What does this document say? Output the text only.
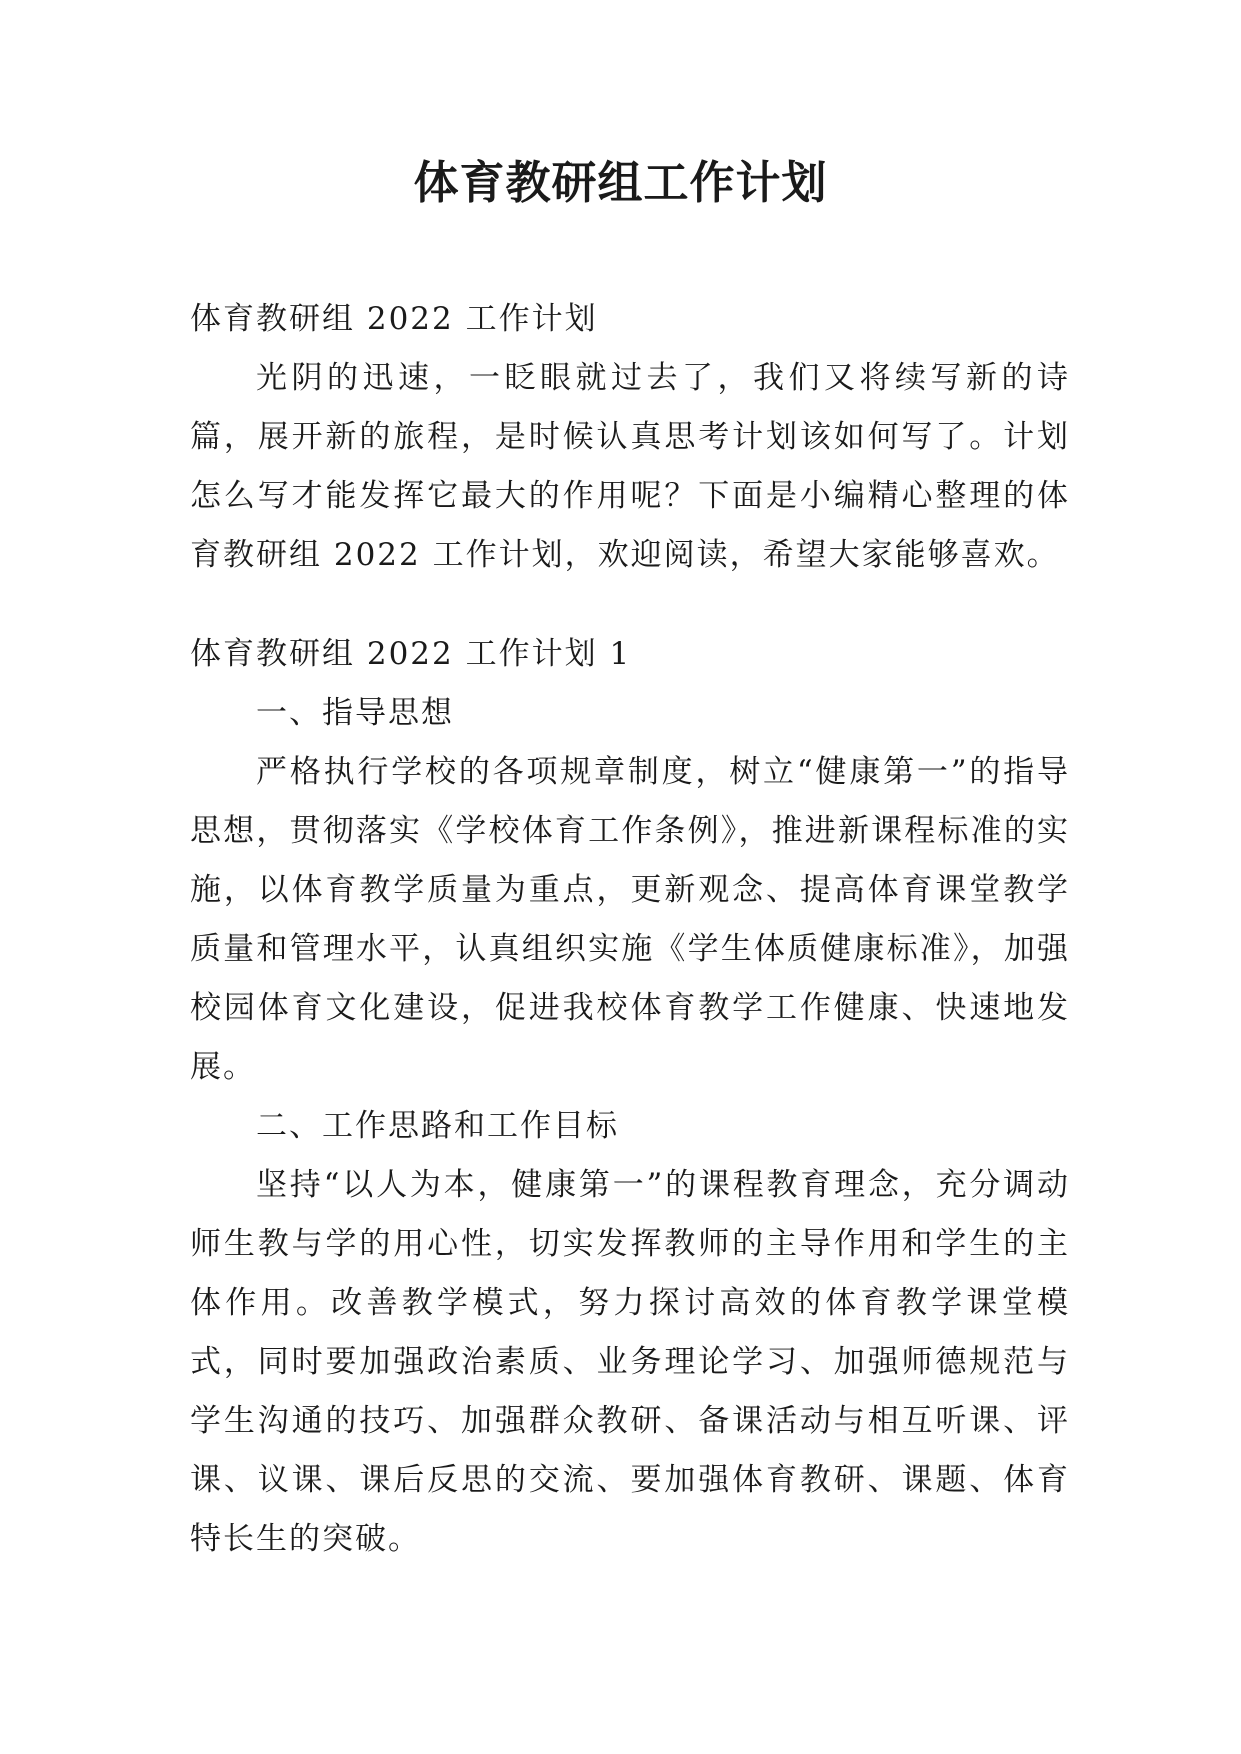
体育教研组工作计划

体育教研组 2022 工作计划

光阴的迅速，一眨眼就过去了，我们又将续写新的诗篇，展开新的旅程，是时候认真思考计划该如何写了。计划怎么写才能发挥它最大的作用呢？下面是小编精心整理的体育教研组 2022 工作计划，欢迎阅读，希望大家能够喜欢。

体育教研组 2022 工作计划 1

一、指导思想

严格执行学校的各项规章制度，树立“健康第一”的指导思想，贯彻落实《学校体育工作条例》，推进新课程标准的实施，以体育教学质量为重点，更新观念、提高体育课堂教学质量和管理水平，认真组织实施《学生体质健康标准》，加强校园体育文化建设，促进我校体育教学工作健康、快速地发展。

二、工作思路和工作目标

坚持“以人为本，健康第一”的课程教育理念，充分调动师生教与学的用心性，切实发挥教师的主导作用和学生的主体作用。改善教学模式，努力探讨高效的体育教学课堂模式，同时要加强政治素质、业务理论学习、加强师德规范与学生沟通的技巧、加强群众教研、备课活动与相互听课、评课、议课、课后反思的交流、要加强体育教研、课题、体育特长生的突破。
